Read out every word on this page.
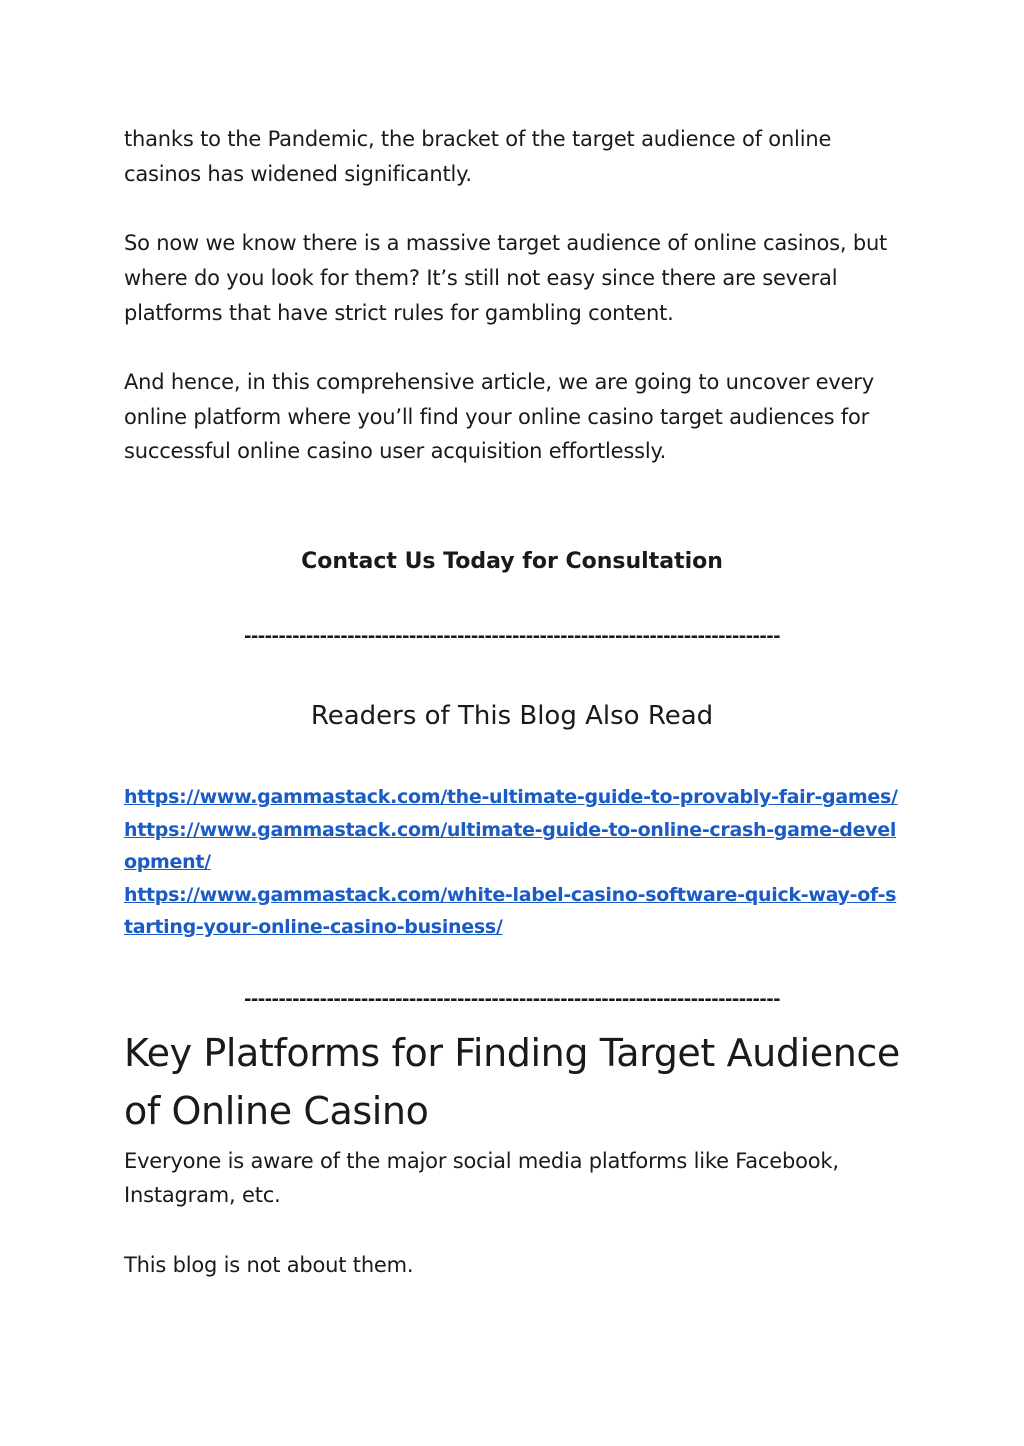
thanks to the Pandemic, the bracket of the target audience of online casinos has widened significantly.

So now we know there is a massive target audience of online casinos, but where do you look for them? It’s still not easy since there are several platforms that have strict rules for gambling content.

And hence, in this comprehensive article, we are going to uncover every online platform where you’ll find your online casino target audiences for successful online casino user acquisition effortlessly.

Contact Us Today for Consultation

------------------------------------------------------------------------------
Readers of This Blog Also Read
https://www.gammastack.com/the-ultimate-guide-to-provably-fair-games/
https://www.gammastack.com/ultimate-guide-to-online-crash-game-development/
https://www.gammastack.com/white-label-casino-software-quick-way-of-starting-your-online-casino-business/
------------------------------------------------------------------------------
Key Platforms for Finding Target Audience of Online Casino

Everyone is aware of the major social media platforms like Facebook, Instagram, etc.

This blog is not about them.
